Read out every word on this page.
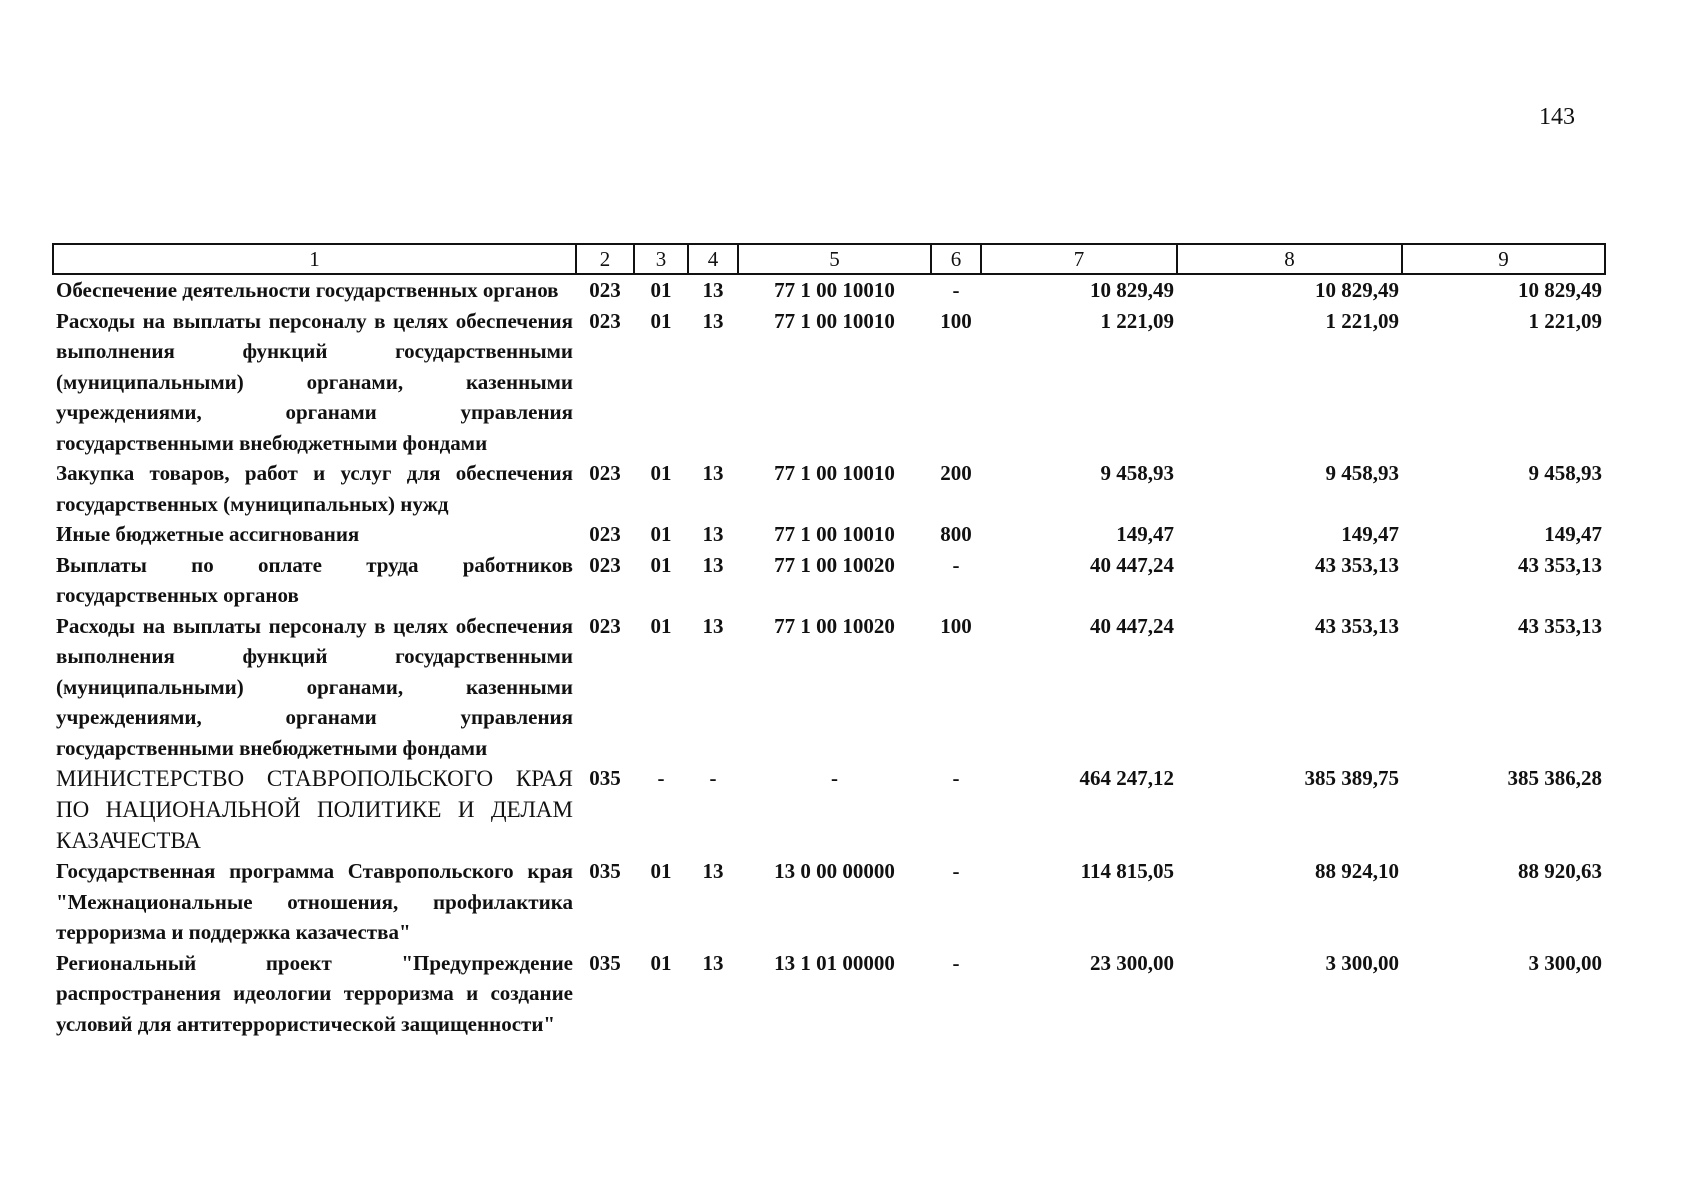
143
1	2	3	4	5	6	7	8	9
Обеспечение деятельности государственных органов	023	01	13	77 1 00 10010	-	10 829,49	10 829,49	10 829,49
Расходы на выплаты персоналу в целях обеспечения выполнения функций государственными (муниципальными) органами, казенными учреждениями, органами управления государственными внебюджетными фондами	023	01	13	77 1 00 10010	100	1 221,09	1 221,09	1 221,09
Закупка товаров, работ и услуг для обеспечения государственных (муниципальных) нужд	023	01	13	77 1 00 10010	200	9 458,93	9 458,93	9 458,93
Иные бюджетные ассигнования	023	01	13	77 1 00 10010	800	149,47	149,47	149,47
Выплаты по оплате труда работников государственных органов	023	01	13	77 1 00 10020	-	40 447,24	43 353,13	43 353,13
Расходы на выплаты персоналу в целях обеспечения выполнения функций государственными (муниципальными) органами, казенными учреждениями, органами управления государственными внебюджетными фондами	023	01	13	77 1 00 10020	100	40 447,24	43 353,13	43 353,13
МИНИСТЕРСТВО СТАВРОПОЛЬСКОГО КРАЯ ПО НАЦИОНАЛЬНОЙ ПОЛИТИКЕ И ДЕЛАМ КАЗАЧЕСТВА	035	-	-	-	-	464 247,12	385 389,75	385 386,28
Государственная программа Ставропольского края "Межнациональные отношения, профилактика терроризма и поддержка казачества"	035	01	13	13 0 00 00000	-	114 815,05	88 924,10	88 920,63
Региональный проект "Предупреждение распространения идеологии терроризма и создание условий для антитеррористической защищенности"	035	01	13	13 1 01 00000	-	23 300,00	3 300,00	3 300,00
